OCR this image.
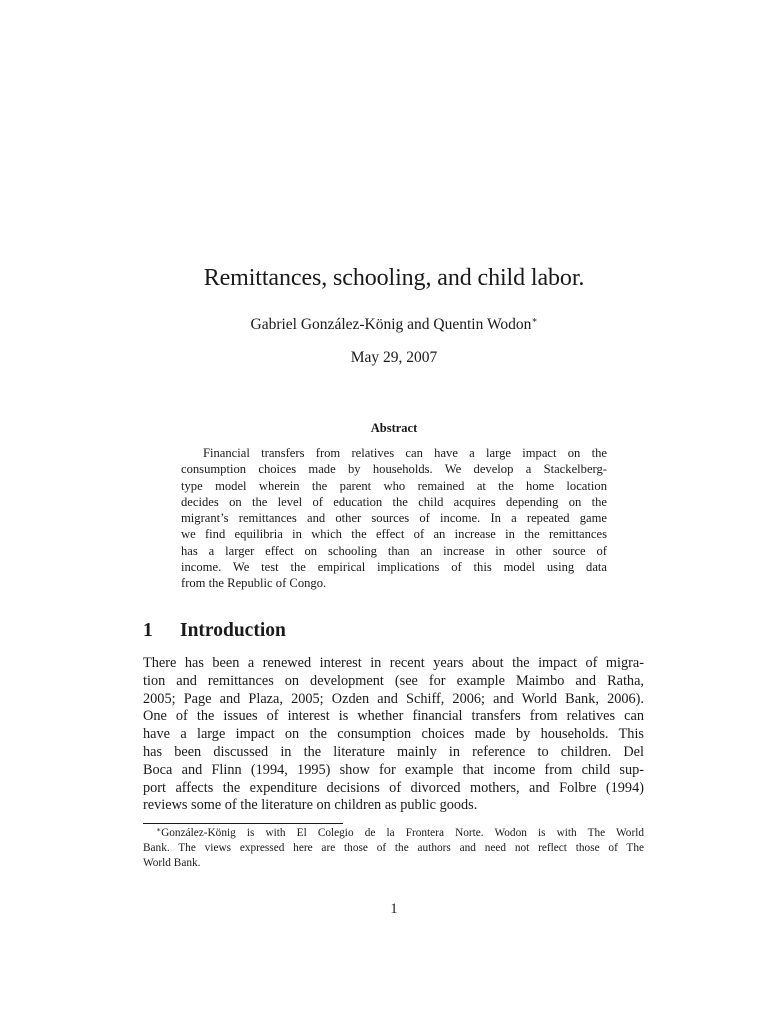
Remittances, schooling, and child labor.
Gabriel González-König and Quentin Wodon∗
May 29, 2007
Abstract
Financial transfers from relatives can have a large impact on the
consumption choices made by households. We develop a Stackelberg-
type model wherein the parent who remained at the home location
decides on the level of education the child acquires depending on the
migrant’s remittances and other sources of income. In a repeated game
we find equilibria in which the effect of an increase in the remittances
has a larger effect on schooling than an increase in other source of
income. We test the empirical implications of this model using data
from the Republic of Congo.
1 Introduction
There has been a renewed interest in recent years about the impact of migra-
tion and remittances on development (see for example Maimbo and Ratha,
2005; Page and Plaza, 2005; Ozden and Schiff, 2006; and World Bank, 2006).
One of the issues of interest is whether financial transfers from relatives can
have a large impact on the consumption choices made by households. This
has been discussed in the literature mainly in reference to children. Del
Boca and Flinn (1994, 1995) show for example that income from child sup-
port affects the expenditure decisions of divorced mothers, and Folbre (1994)
reviews some of the literature on children as public goods.
∗González-König is with El Colegio de la Frontera Norte. Wodon is with The World
Bank. The views expressed here are those of the authors and need not reflect those of The
World Bank.
1
